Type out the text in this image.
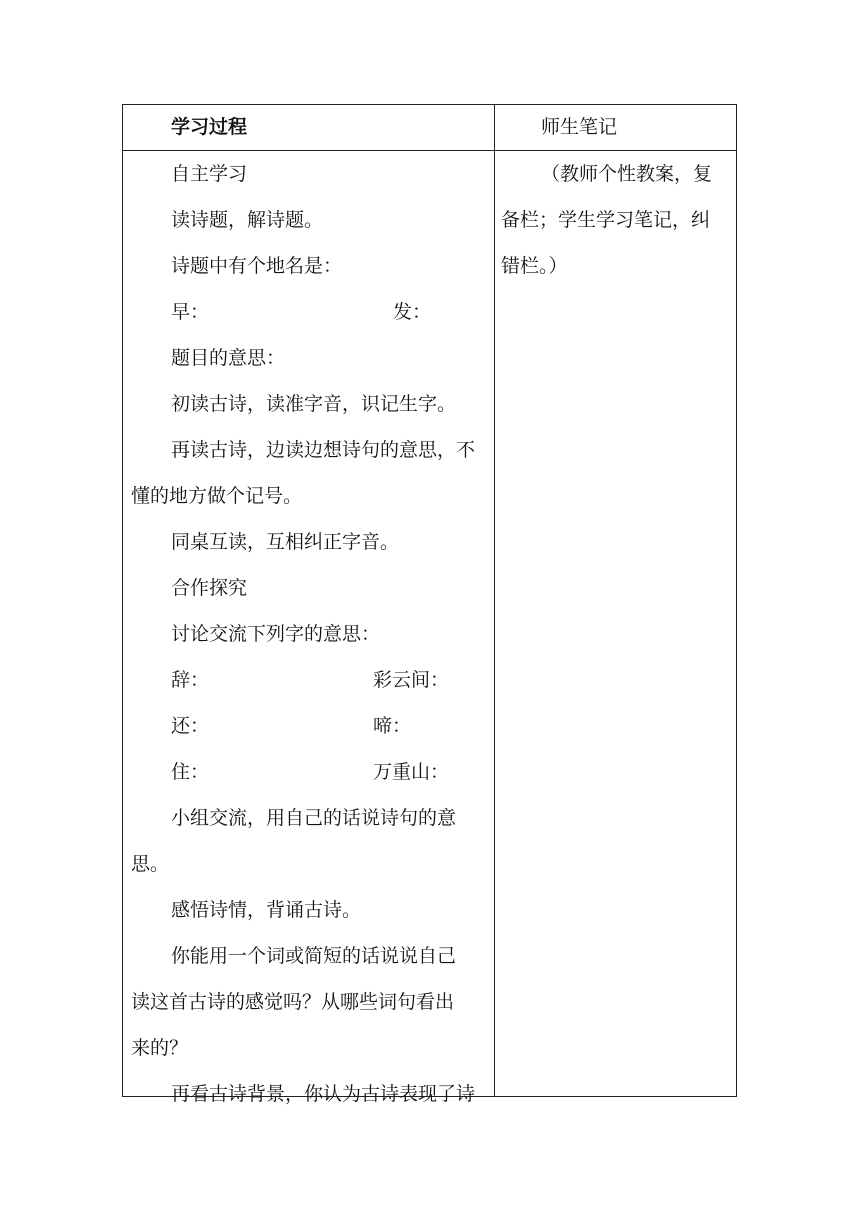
学习过程	师生笔记
自主学习
读诗题，解诗题。
诗题中有个地名是：
早：	发：
题目的意思：
初读古诗，读准字音，识记生字。
再读古诗，边读边想诗句的意思，不
懂的地方做个记号。
同桌互读，互相纠正字音。
合作探究
讨论交流下列字的意思：
辞：	彩云间：
还：	啼：
住：	万重山：
小组交流，用自己的话说诗句的意
思。
感悟诗情，背诵古诗。
你能用一个词或简短的话说说自己
读这首古诗的感觉吗？从哪些词句看出
来的？
再看古诗背景，你认为古诗表现了诗
（教师个性教案，复
备栏；学生学习笔记，纠
错栏。）
